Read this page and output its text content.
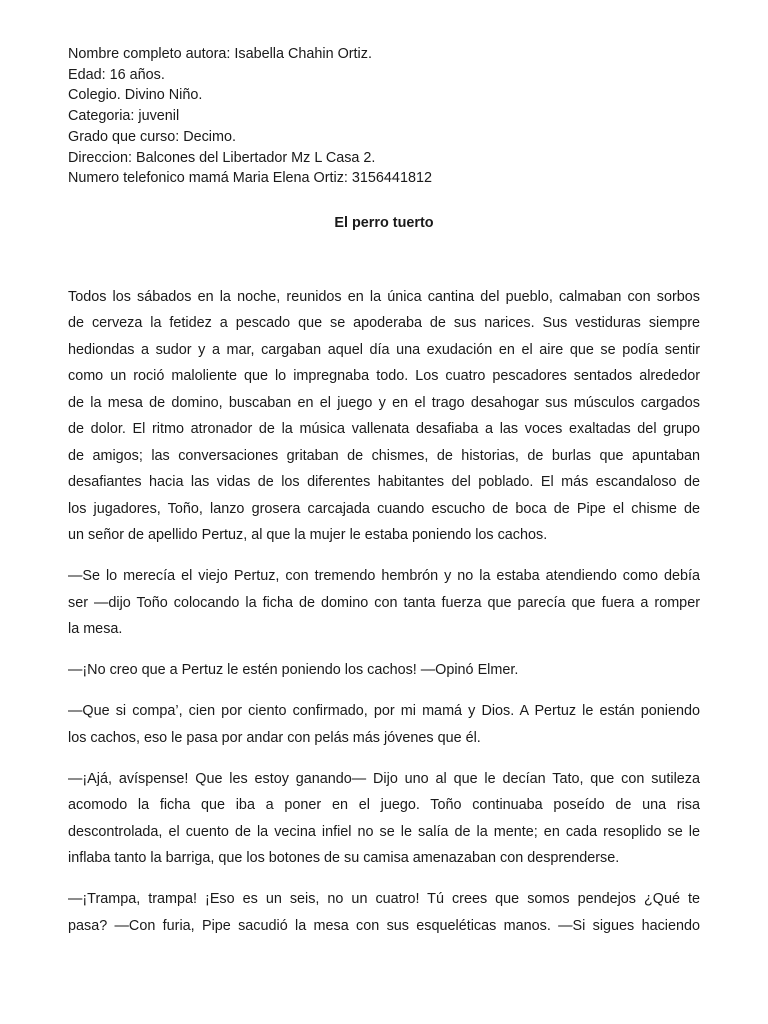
Nombre completo autora: Isabella Chahin Ortiz.
Edad: 16 años.
Colegio. Divino Niño.
Categoria: juvenil
Grado que curso: Decimo.
Direccion: Balcones del Libertador Mz L Casa 2.
Numero telefonico mamá Maria Elena Ortiz: 3156441812
El perro tuerto
Todos los sábados en la noche, reunidos en la única cantina del pueblo, calmaban con sorbos
de cerveza la fetidez a pescado que se apoderaba de sus narices. Sus vestiduras siempre
hediondas a sudor y a mar, cargaban aquel día una exudación en el aire que se podía sentir
como un roció maloliente que lo impregnaba todo. Los cuatro pescadores sentados alrededor
de la mesa de domino, buscaban en el juego y en el trago desahogar sus músculos cargados
de dolor. El ritmo atronador de la música vallenata desafiaba a las voces exaltadas del grupo
de amigos; las conversaciones gritaban de chismes, de historias, de burlas que apuntaban
desafiantes hacia las vidas de los diferentes habitantes del poblado. El más escandaloso de
los jugadores, Toño, lanzo grosera carcajada cuando escucho de boca de Pipe el chisme de
un señor de apellido Pertuz, al que la mujer le estaba poniendo los cachos.
—Se lo merecía el viejo Pertuz, con tremendo hembrón y no la estaba atendiendo como debía
ser —dijo Toño colocando la ficha de domino con tanta fuerza que parecía que fuera a romper
la mesa.
—¡No creo que a Pertuz le estén poniendo los cachos! —Opinó Elmer.
—Que si compa’, cien por ciento confirmado, por mi mamá y Dios. A Pertuz le están poniendo
los cachos, eso le pasa por andar con pelás más jóvenes que él.
—¡Ajá, avíspense! Que les estoy ganando— Dijo uno al que le decían Tato, que con sutileza
acomodo la ficha que iba a poner en el juego. Toño continuaba poseído de una risa
descontrolada, el cuento de la vecina infiel no se le salía de la mente; en cada resoplido se le
inflaba tanto la barriga, que los botones de su camisa amenazaban con desprenderse.
—¡Trampa, trampa! ¡Eso es un seis, no un cuatro! Tú crees que somos pendejos ¿Qué te
pasa? —Con furia, Pipe sacudió la mesa con sus esqueléticas manos. —Si sigues haciendo
